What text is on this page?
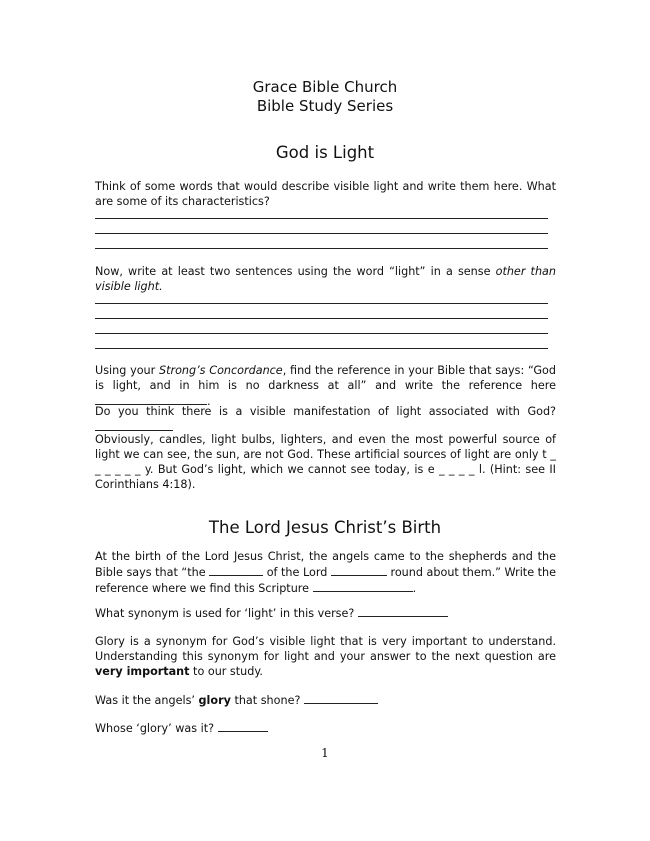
Grace Bible Church
Bible Study Series
God is Light

Think of some words that would describe visible light and write them here. What are some of its characteristics?

Now, write at least two sentences using the word “light” in a sense other than visible light.

Using your Strong’s Concordance, find the reference in your Bible that says: “God is light, and in him is no darkness at all” and write the reference here .

Do you think there is a visible manifestation of light associated with God?

Obviously, candles, light bulbs, lighters, and even the most powerful source of light we can see, the sun, are not God. These artificial sources of light are only t _ _ _ _ _ _ y. But God’s light, which we cannot see today, is e _ _ _ _ l. (Hint: see II Corinthians 4:18).

The Lord Jesus Christ’s Birth

At the birth of the Lord Jesus Christ, the angels came to the shepherds and the Bible says that “the	of the Lord	round about them.” Write the reference where we find this Scripture	.

What synonym is used for ‘light’ in this verse?

Glory is a synonym for God’s visible light that is very important to understand. Understanding this synonym for light and your answer to the next question are very important to our study.

Was it the angels’ glory that shone?

Whose ‘glory’ was it?

1
